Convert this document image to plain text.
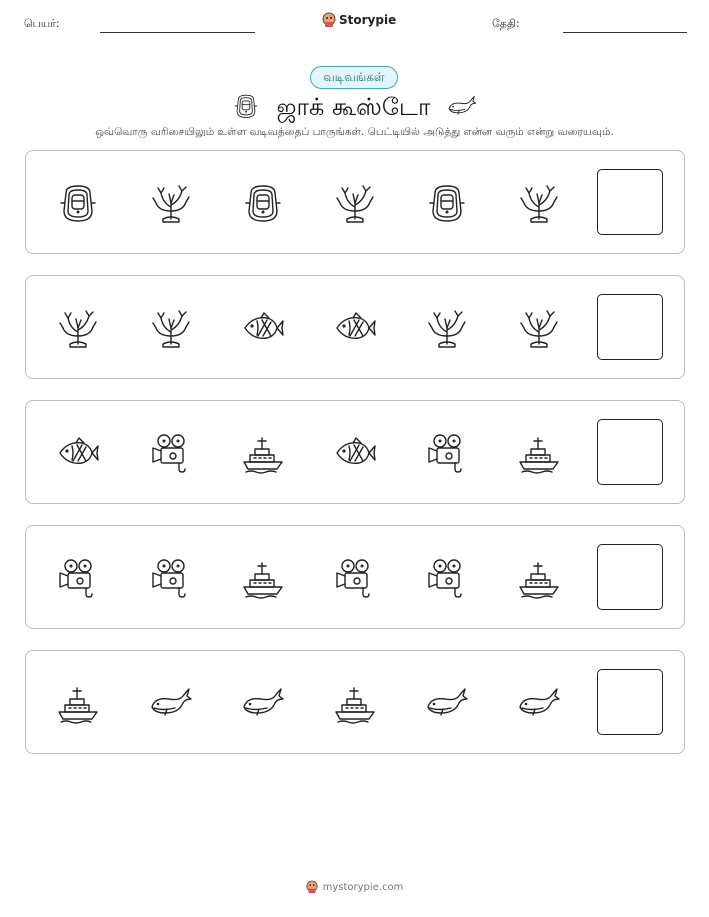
பெயர்:	Storypie	தேதி:
வடிவங்கள்
ஜாக் கூஸ்டோ
ஒவ்வொரு வரிசையிலும் உள்ள வடிவத்தைப் பாருங்கள். பெட்டியில் அடுத்து என்ன வரும் என்று வரையவும்.
mystorypie.com
